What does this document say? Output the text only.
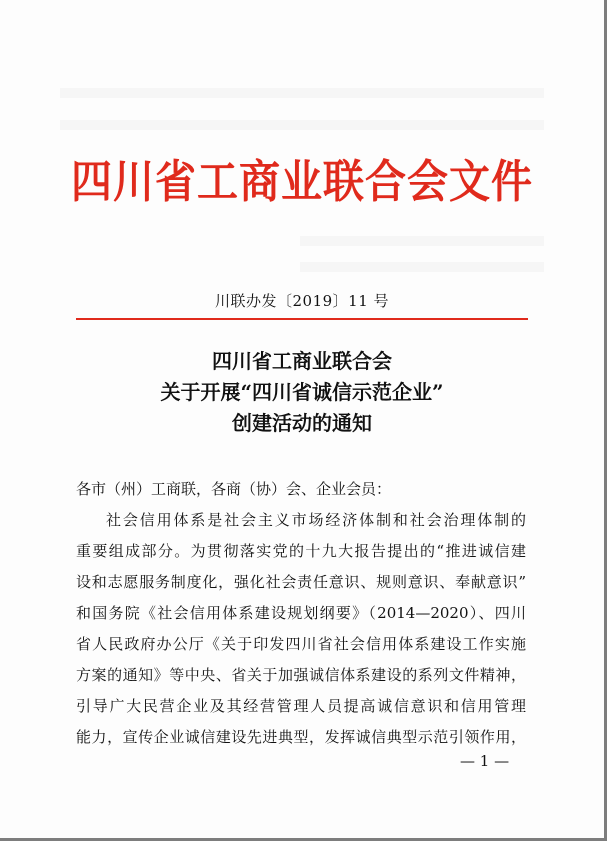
四川省工商业联合会文件
川联办发〔2019〕11 号
四川省工商业联合会
关于开展“四川省诚信示范企业”
创建活动的通知
各市（州）工商联，各商（协）会、企业会员：
社会信用体系是社会主义市场经济体制和社会治理体制的
重要组成部分。为贯彻落实党的十九大报告提出的“推进诚信建
设和志愿服务制度化，强化社会责任意识、规则意识、奉献意识”
和国务院《社会信用体系建设规划纲要》（2014—2020）、四川
省人民政府办公厅《关于印发四川省社会信用体系建设工作实施
方案的通知》等中央、省关于加强诚信体系建设的系列文件精神，
引导广大民营企业及其经营管理人员提高诚信意识和信用管理
能力，宣传企业诚信建设先进典型，发挥诚信典型示范引领作用，
— 1 —
